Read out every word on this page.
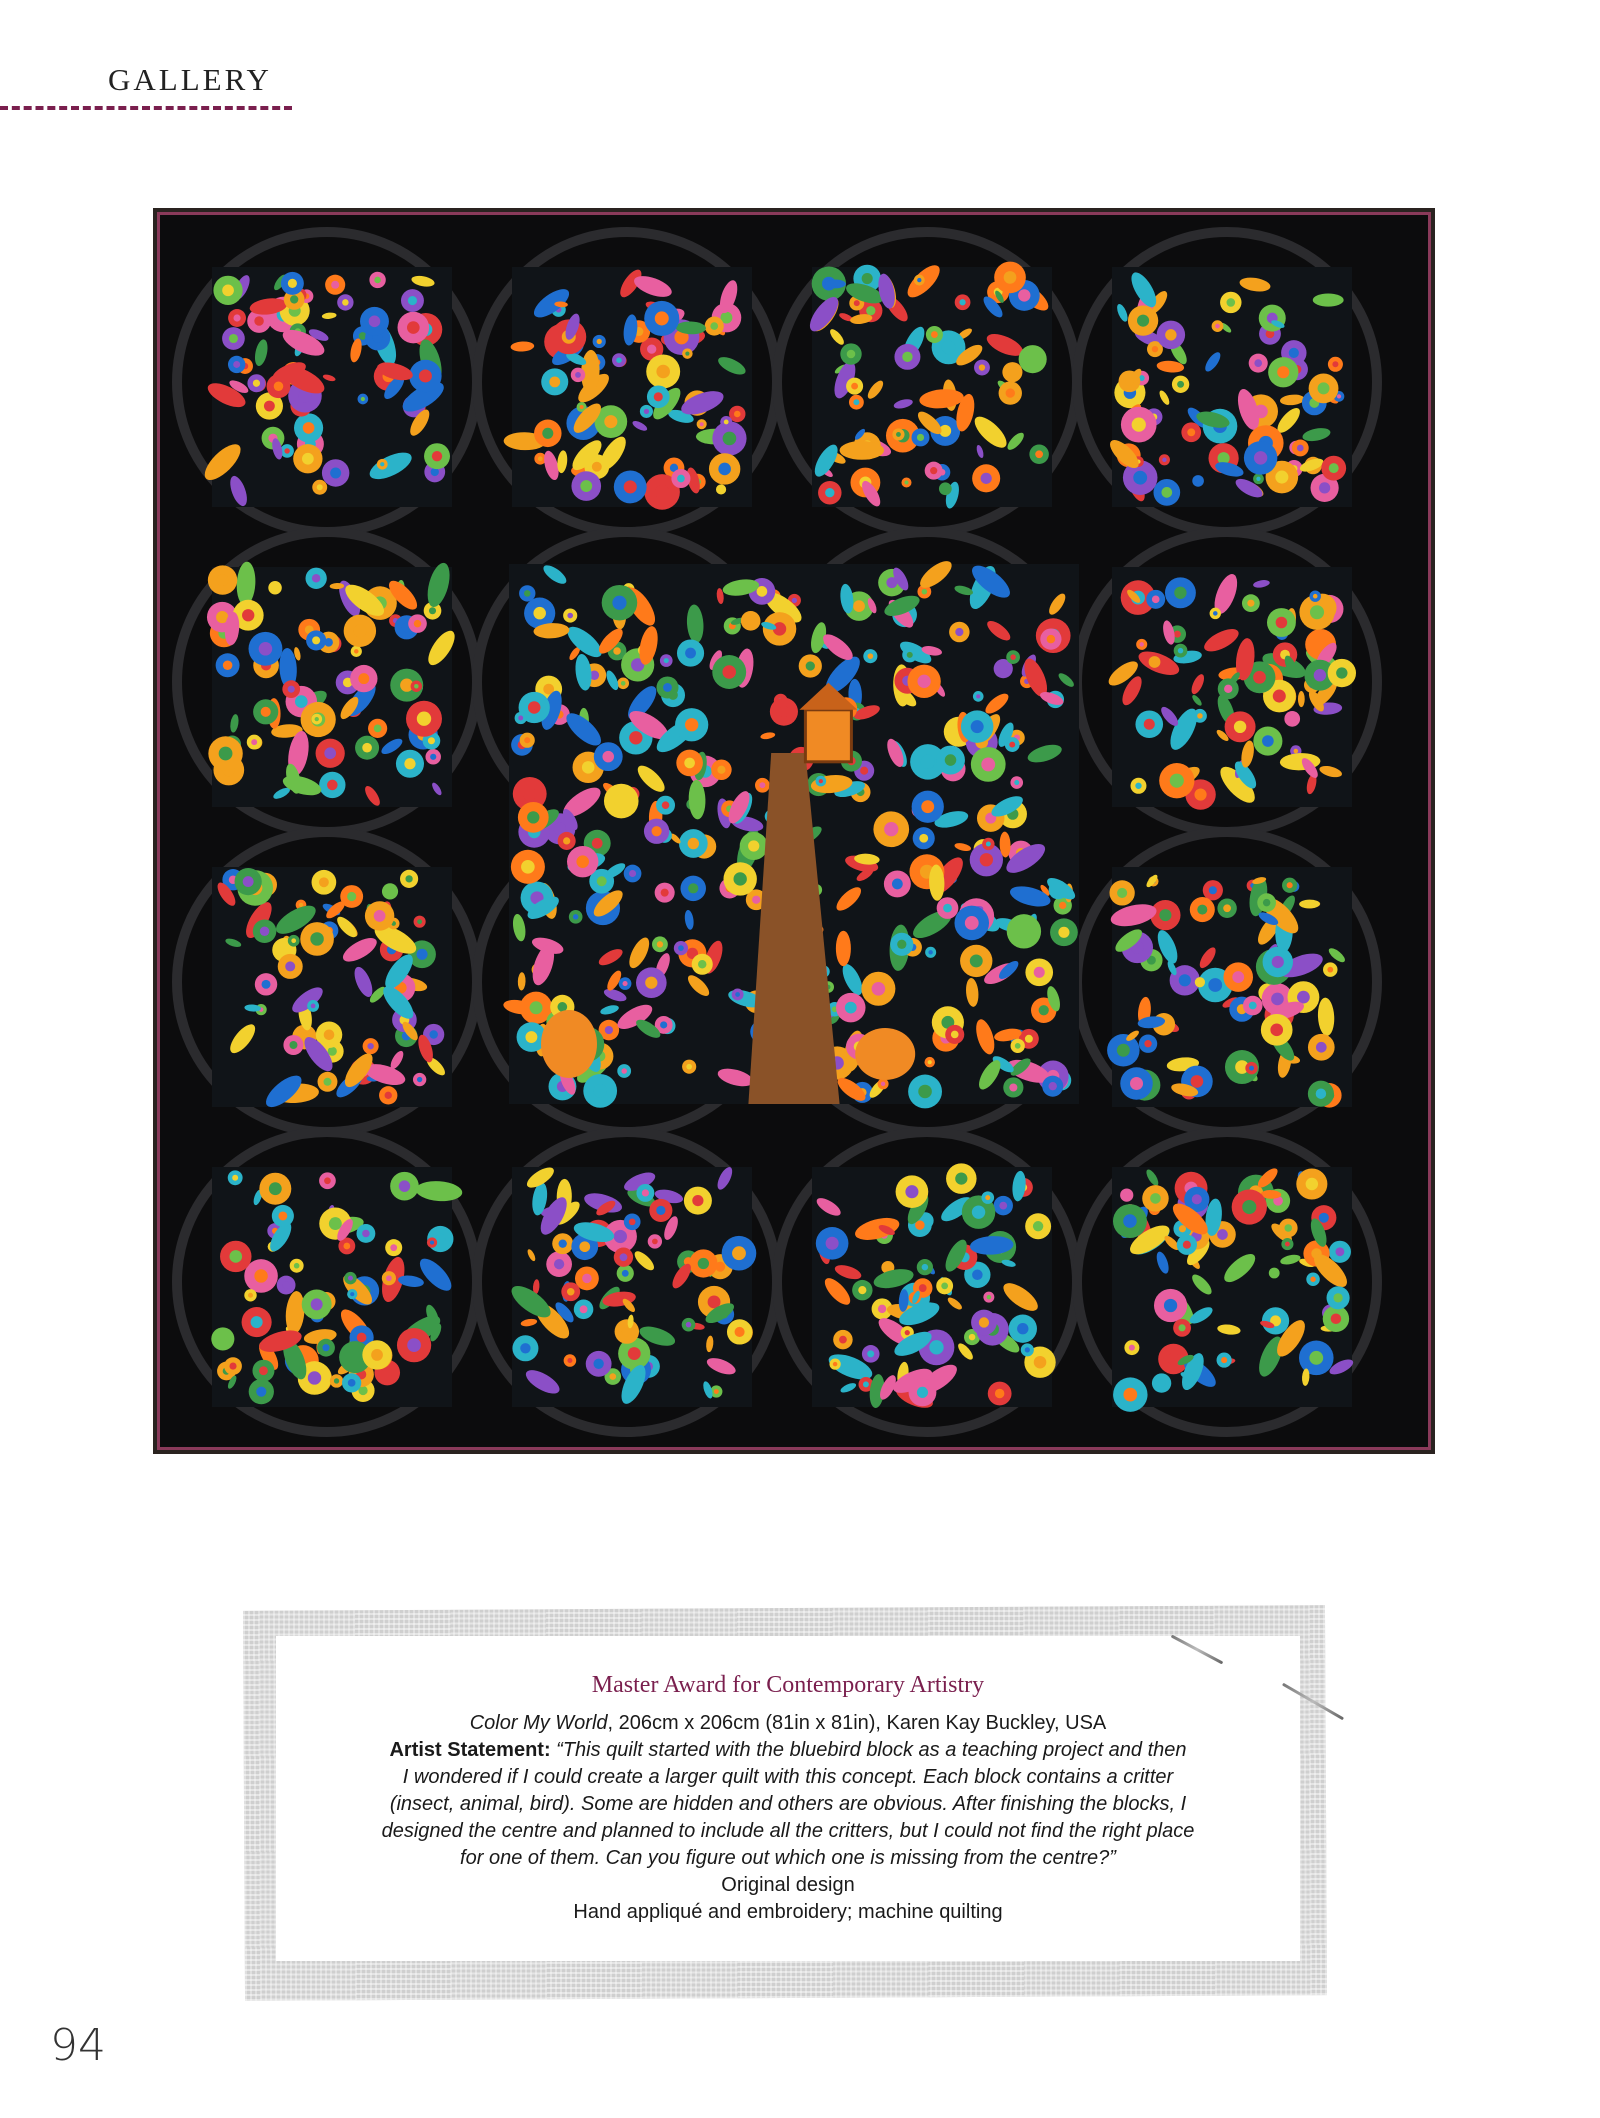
GALLERY
Master Award for Contemporary Artistry
Color My World, 206cm x 206cm (81in x 81in), Karen Kay Buckley, USA
Artist Statement: “This quilt started with the bluebird block as a teaching project and then
I wondered if I could create a larger quilt with this concept. Each block contains a critter
(insect, animal, bird). Some are hidden and others are obvious. After finishing the blocks, I
designed the centre and planned to include all the critters, but I could not find the right place
for one of them. Can you figure out which one is missing from the centre?”
Original design
Hand appliqué and embroidery; machine quilting
94
